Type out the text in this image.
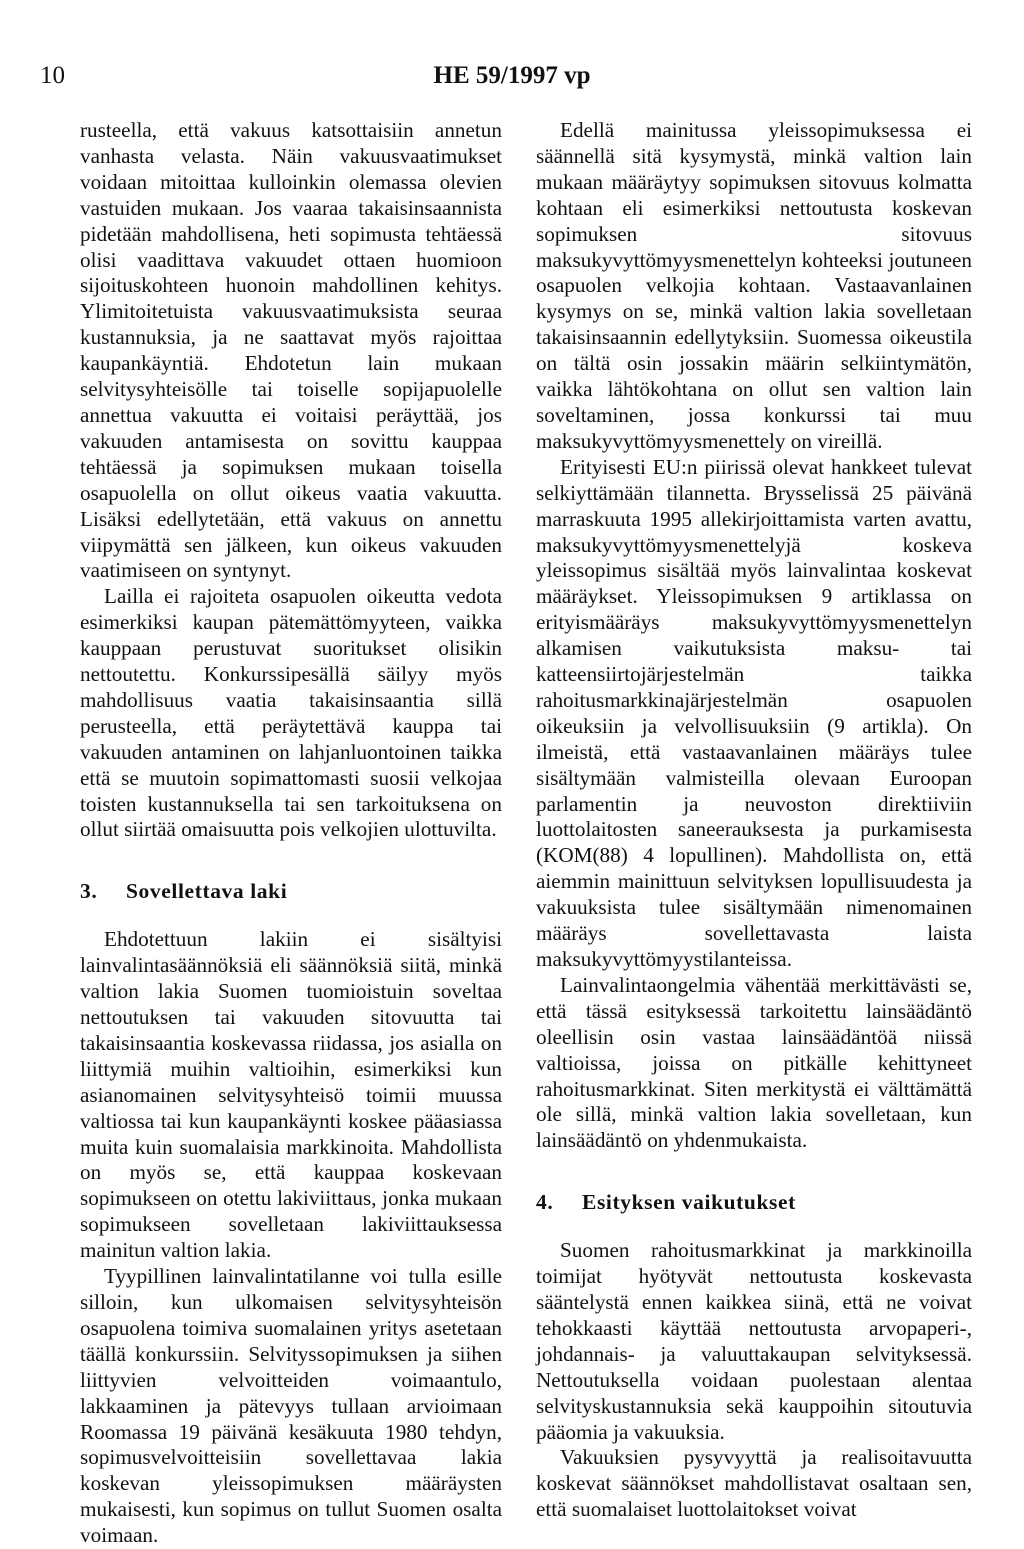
10	HE 59/1997 vp

rusteella, että vakuus katsottaisiin annetun vanhasta velasta. Näin vakuusvaatimukset voidaan mitoittaa kulloinkin olemassa olevien vastuiden mukaan. Jos vaaraa takaisinsaannista pidetään mahdollisena, heti sopimusta tehtäessä olisi vaadittava vakuudet ottaen huomioon sijoituskohteen huonoin mahdollinen kehitys. Ylimitoitetuista vakuusvaatimuksista seuraa kustannuksia, ja ne saattavat myös rajoittaa kaupankäyntiä. Ehdotetun lain mukaan selvitysyhteisölle tai toiselle sopijapuolelle annettua vakuutta ei voitaisi peräyttää, jos vakuuden antamisesta on sovittu kauppaa tehtäessä ja sopimuksen mukaan toisella osapuolella on ollut oikeus vaatia vakuutta. Lisäksi edellytetään, että vakuus on annettu viipymättä sen jälkeen, kun oikeus vakuuden vaatimiseen on syntynyt.

Laillа ei rajoiteta osapuolen oikeutta vedota esimerkiksi kaupan pätemättömyyteen, vaikka kauppaan perustuvat suoritukset olisikin nettoutettu. Konkurssipesällä säilyy myös mahdollisuus vaatia takaisinsaantia sillä perusteella, että peräytettävä kauppa tai vakuuden antaminen on lahjanluontoinen taikka että se muutoin sopimattomasti suosii velkojaa toisten kustannuksella tai sen tarkoituksena on ollut siirtää omaisuutta pois velkojien ulottuvilta.

3. Sovellettava laki

Ehdotettuun lakiin ei sisältyisi lainvalintasäännöksiä eli säännöksiä siitä, minkä valtion lakia Suomen tuomioistuin soveltaa nettoutuksen tai vakuuden sitovuutta tai takaisinsaantia koskevassa riidassa, jos asialla on liittymiä muihin valtioihin, esimerkiksi kun asianomainen selvitysyhteisö toimii muussa valtiossa tai kun kaupankäynti koskee pääasiassa muita kuin suomalaisia markkinoita. Mahdollista on myös se, että kauppaa koskevaan sopimukseen on otettu lakiviittaus, jonka mukaan sopimukseen sovelletaan lakiviittauksessa mainitun valtion lakia.

Tyypillinen lainvalintatilanne voi tulla esille silloin, kun ulkomaisen selvitysyhteisön osapuolena toimiva suomalainen yritys asetetaan täällä konkurssiin. Selvityssopimuksen ja siihen liittyvien velvoitteiden voimaantulo, lakkaaminen ja pätevyys tullaan arvioimaan Roomassa 19 päivänä kesäkuuta 1980 tehdyn, sopimusvelvoitteisiin sovellettavaa lakia koskevan yleissopimuksen määräysten mukaisesti, kun sopimus on tullut Suomen osalta voimaan.

Edellä mainitussa yleissopimuksessa ei säännellä sitä kysymystä, minkä valtion lain mukaan määräytyy sopimuksen sitovuus kolmatta kohtaan eli esimerkiksi nettoutusta koskevan sopimuksen sitovuus maksukyvyttömyysmenettelyn kohteeksi joutuneen osapuolen velkojia kohtaan. Vastaavanlainen kysymys on se, minkä valtion lakia sovelletaan takaisinsaannin edellytyksiin. Suomessa oikeustila on tältä osin jossakin määrin selkiintymätön, vaikka lähtökohtana on ollut sen valtion lain soveltaminen, jossa konkurssi tai muu maksukyvyttömyysmenettely on vireillä.

Erityisesti EU:n piirissä olevat hankkeet tulevat selkiyttämään tilannetta. Brysselissä 25 päivänä marraskuuta 1995 allekirjoittamista varten avattu, maksukyvyttömyysmenettelyjä koskeva yleissopimus sisältää myös lainvalintaa koskevat määräykset. Yleissopimuksen 9 artiklassa on erityismääräys maksukyvyttömyysmenettelyn alkamisen vaikutuksista maksu- tai katteensiirtojärjestelmän taikka rahoitusmarkkinajärjestelmän osapuolen oikeuksiin ja velvollisuuksiin (9 artikla). On ilmeistä, että vastaavanlainen määräys tulee sisältymään valmisteilla olevaan Euroopan parlamentin ja neuvoston direktiiviin luottolaitosten saneerauksesta ja purkamisesta (KOM(88) 4 lopullinen). Mahdollista on, että aiemmin mainittuun selvityksen lopullisuudesta ja vakuuksista tulee sisältymään nimenomainen määräys sovellettavasta laista maksukyvyttömyystilanteissa.

Lainvalintaongelmia vähentää merkittävästi se, että tässä esityksessä tarkoitettu lainsäädäntö oleellisin osin vastaa lainsäädäntöä niissä valtioissa, joissa on pitkälle kehittyneet rahoitusmarkkinat. Siten merkitystä ei välttämättä ole sillä, minkä valtion lakia sovelletaan, kun lainsäädäntö on yhdenmukaista.

4. Esityksen vaikutukset

Suomen rahoitusmarkkinat ja markkinoilla toimijat hyötyvät nettoutusta koskevasta sääntelystä ennen kaikkea siinä, että ne voivat tehokkaasti käyttää nettoutusta arvopaperi-, johdannais- ja valuuttakaupan selvityksessä. Nettoutuksella voidaan puolestaan alentaa selvityskustannuksia sekä kauppoihin sitoutuvia pääomia ja vakuuksia.

Vakuuksien pysyvyyttä ja realisoitavuutta koskevat säännökset mahdollistavat osaltaan sen, että suomalaiset luottolaitokset voivat
